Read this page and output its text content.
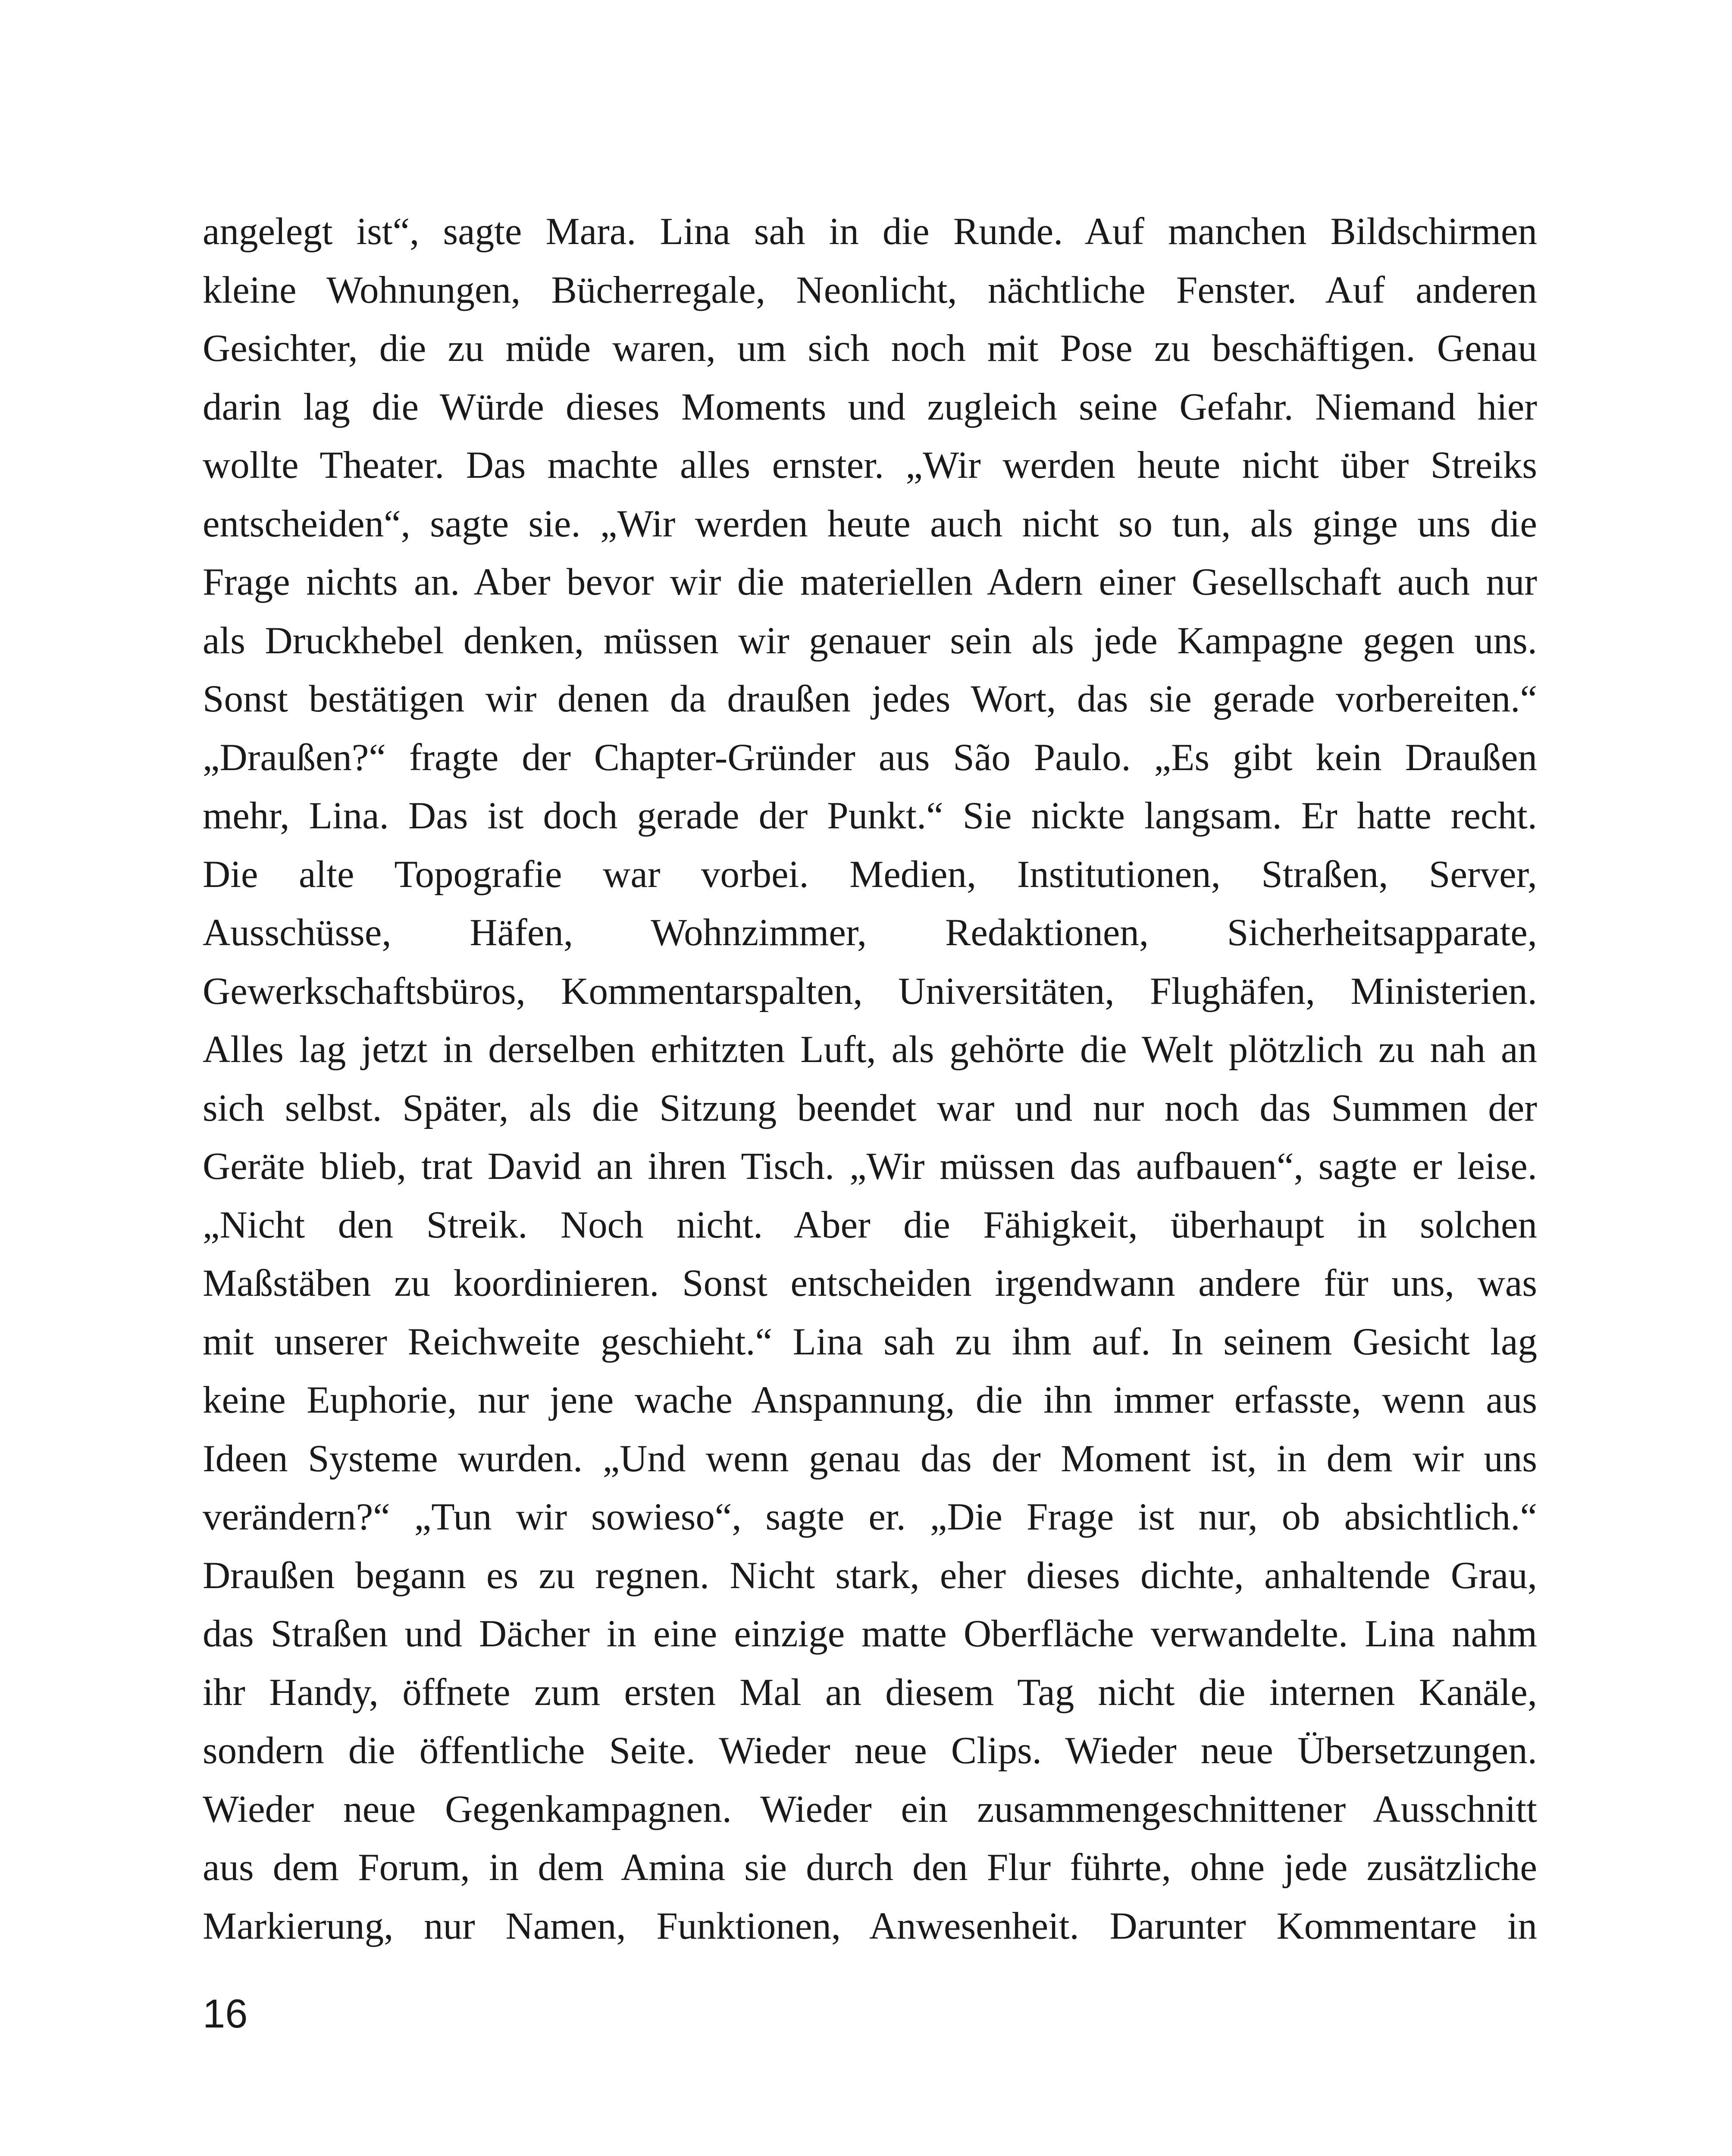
angelegt ist“, sagte Mara. Lina sah in die Runde. Auf manchen Bildschirmen
kleine Wohnungen, Bücherregale, Neonlicht, nächtliche Fenster. Auf anderen
Gesichter, die zu müde waren, um sich noch mit Pose zu beschäftigen. Genau
darin lag die Würde dieses Moments und zugleich seine Gefahr. Niemand hier
wollte Theater. Das machte alles ernster. „Wir werden heute nicht über Streiks
entscheiden“, sagte sie. „Wir werden heute auch nicht so tun, als ginge uns die
Frage nichts an. Aber bevor wir die materiellen Adern einer Gesellschaft auch nur
als Druckhebel denken, müssen wir genauer sein als jede Kampagne gegen uns.
Sonst bestätigen wir denen da draußen jedes Wort, das sie gerade vorbereiten.“
„Draußen?“ fragte der Chapter-Gründer aus São Paulo. „Es gibt kein Draußen
mehr, Lina. Das ist doch gerade der Punkt.“ Sie nickte langsam. Er hatte recht.
Die alte Topografie war vorbei. Medien, Institutionen, Straßen, Server,
Ausschüsse, Häfen, Wohnzimmer, Redaktionen, Sicherheitsapparate,
Gewerkschaftsbüros, Kommentarspalten, Universitäten, Flughäfen, Ministerien.
Alles lag jetzt in derselben erhitzten Luft, als gehörte die Welt plötzlich zu nah an
sich selbst. Später, als die Sitzung beendet war und nur noch das Summen der
Geräte blieb, trat David an ihren Tisch. „Wir müssen das aufbauen“, sagte er leise.
„Nicht den Streik. Noch nicht. Aber die Fähigkeit, überhaupt in solchen
Maßstäben zu koordinieren. Sonst entscheiden irgendwann andere für uns, was
mit unserer Reichweite geschieht.“ Lina sah zu ihm auf. In seinem Gesicht lag
keine Euphorie, nur jene wache Anspannung, die ihn immer erfasste, wenn aus
Ideen Systeme wurden. „Und wenn genau das der Moment ist, in dem wir uns
verändern?“ „Tun wir sowieso“, sagte er. „Die Frage ist nur, ob absichtlich.“
Draußen begann es zu regnen. Nicht stark, eher dieses dichte, anhaltende Grau,
das Straßen und Dächer in eine einzige matte Oberfläche verwandelte. Lina nahm
ihr Handy, öffnete zum ersten Mal an diesem Tag nicht die internen Kanäle,
sondern die öffentliche Seite. Wieder neue Clips. Wieder neue Übersetzungen.
Wieder neue Gegenkampagnen. Wieder ein zusammengeschnittener Ausschnitt
aus dem Forum, in dem Amina sie durch den Flur führte, ohne jede zusätzliche
Markierung, nur Namen, Funktionen, Anwesenheit. Darunter Kommentare in

16
